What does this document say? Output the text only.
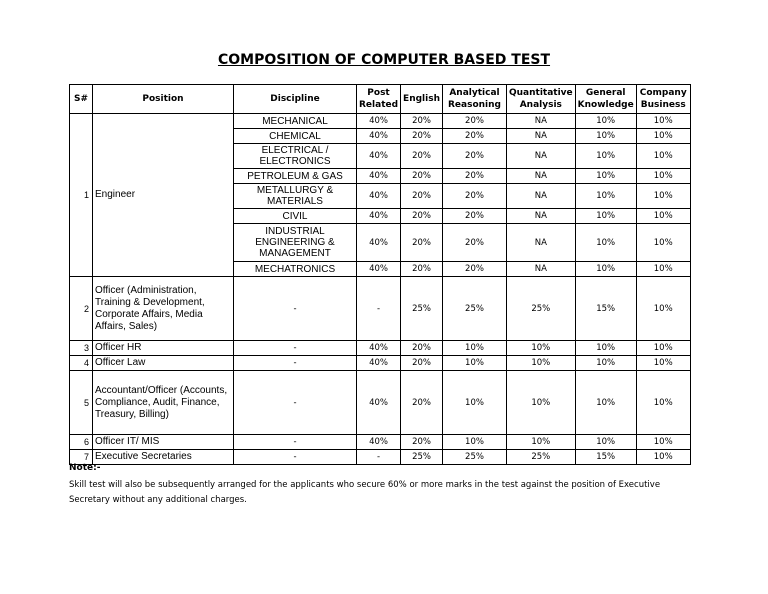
COMPOSITION OF COMPUTER BASED TEST
S#	Position	Discipline	Post Related	English	Analytical Reasoning	Quantitative Analysis	General Knowledge	Company Business
1	Engineer	MECHANICAL	40%	20%	20%	NA	10%	10%
		CHEMICAL	40%	20%	20%	NA	10%	10%
		ELECTRICAL / ELECTRONICS	40%	20%	20%	NA	10%	10%
		PETROLEUM & GAS	40%	20%	20%	NA	10%	10%
		METALLURGY & MATERIALS	40%	20%	20%	NA	10%	10%
		CIVIL	40%	20%	20%	NA	10%	10%
		INDUSTRIAL ENGINEERING & MANAGEMENT	40%	20%	20%	NA	10%	10%
		MECHATRONICS	40%	20%	20%	NA	10%	10%
2	Officer (Administration, Training & Development, Corporate Affairs, Media Affairs, Sales)	-	-	25%	25%	25%	15%	10%
3	Officer HR	-	40%	20%	10%	10%	10%	10%
4	Officer Law	-	40%	20%	10%	10%	10%	10%
5	Accountant/Officer (Accounts, Compliance, Audit, Finance, Treasury, Billing)	-	40%	20%	10%	10%	10%	10%
6	Officer IT/ MIS	-	40%	20%	10%	10%	10%	10%
7	Executive Secretaries	-	-	25%	25%	25%	15%	10%
Note:-
Skill test will also be subsequently arranged for the applicants who secure 60% or more marks in the test against the position of Executive Secretary without any additional charges.
